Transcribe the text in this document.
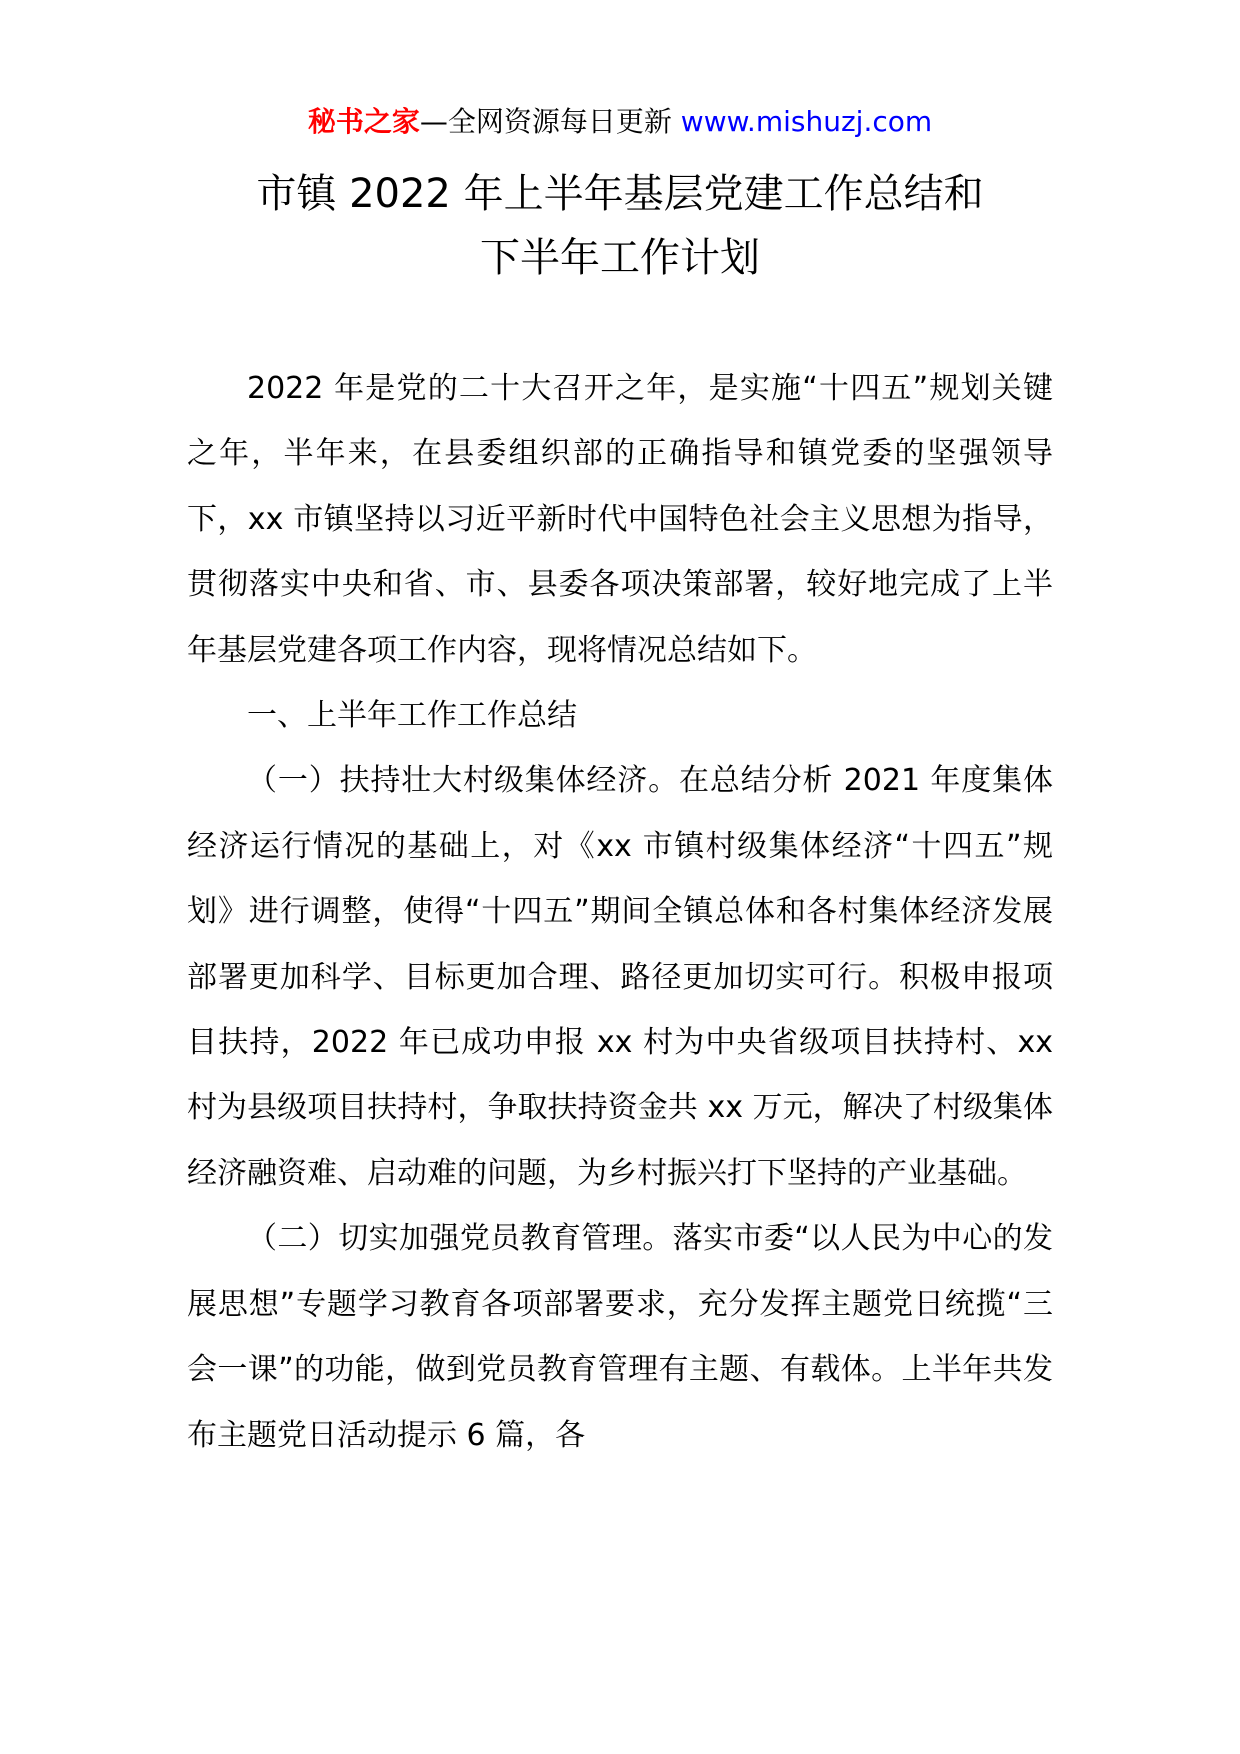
秘书之家—全网资源每日更新 www.mishuzj.com
市镇 2022 年上半年基层党建工作总结和
下半年工作计划

2022 年是党的二十大召开之年，是实施“十四五”规划关键之年，半年来，在县委组织部的正确指导和镇党委的坚强领导下，xx 市镇坚持以习近平新时代中国特色社会主义思想为指导，贯彻落实中央和省、市、县委各项决策部署，较好地完成了上半年基层党建各项工作内容，现将情况总结如下。

一、上半年工作工作总结

（一）扶持壮大村级集体经济。在总结分析 2021 年度集体经济运行情况的基础上，对《xx 市镇村级集体经济“十四五”规划》进行调整，使得“十四五”期间全镇总体和各村集体经济发展部署更加科学、目标更加合理、路径更加切实可行。积极申报项目扶持，2022 年已成功申报 xx 村为中央省级项目扶持村、xx 村为县级项目扶持村，争取扶持资金共 xx 万元，解决了村级集体经济融资难、启动难的问题，为乡村振兴打下坚持的产业基础。

（二）切实加强党员教育管理。落实市委“以人民为中心的发展思想”专题学习教育各项部署要求，充分发挥主题党日统揽“三会一课”的功能，做到党员教育管理有主题、有载体。上半年共发布主题党日活动提示 6 篇，各
